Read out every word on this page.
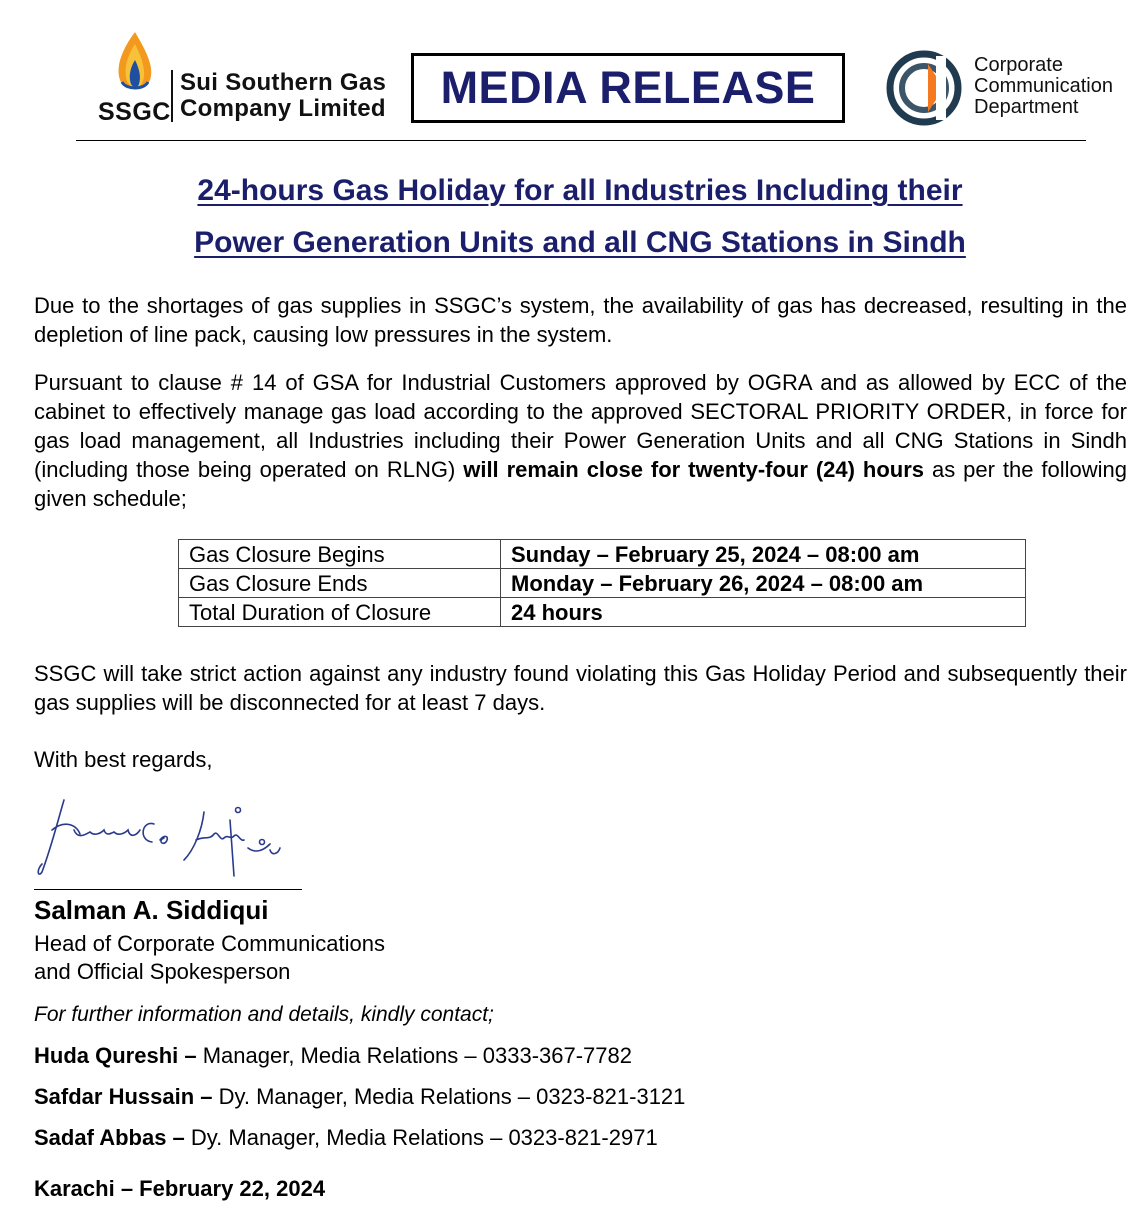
SSGC
Sui Southern Gas
Company Limited MEDIA RELEASE	Corporate
Communication
Department
24-hours Gas Holiday for all Industries Including their
Power Generation Units and all CNG Stations in Sindh

Due to the shortages of gas supplies in SSGC’s system, the availability of gas has decreased, resulting in the depletion of line pack, causing low pressures in the system.

Pursuant to clause # 14 of GSA for Industrial Customers approved by OGRA and as allowed by ECC of the cabinet to effectively manage gas load according to the approved SECTORAL PRIORITY ORDER, in force for gas load management, all Industries including their Power Generation Units and all CNG Stations in Sindh (including those being operated on RLNG) will remain close for twenty-four (24) hours as per the following given schedule;

Gas Closure Begins	Sunday – February 25, 2024 – 08:00 am
Gas Closure Ends	Monday – February 26, 2024 – 08:00 am
Total Duration of Closure	24 hours

SSGC will take strict action against any industry found violating this Gas Holiday Period and subsequently their gas supplies will be disconnected for at least 7 days.

With best regards,
Salman A. Siddiqui
Head of Corporate Communications
and Official Spokesperson
For further information and details, kindly contact;
Huda Qureshi – Manager, Media Relations – 0333-367-7782
Safdar Hussain – Dy. Manager, Media Relations – 0323-821-3121
Sadaf Abbas – Dy. Manager, Media Relations – 0323-821-2971
Karachi – February 22, 2024
